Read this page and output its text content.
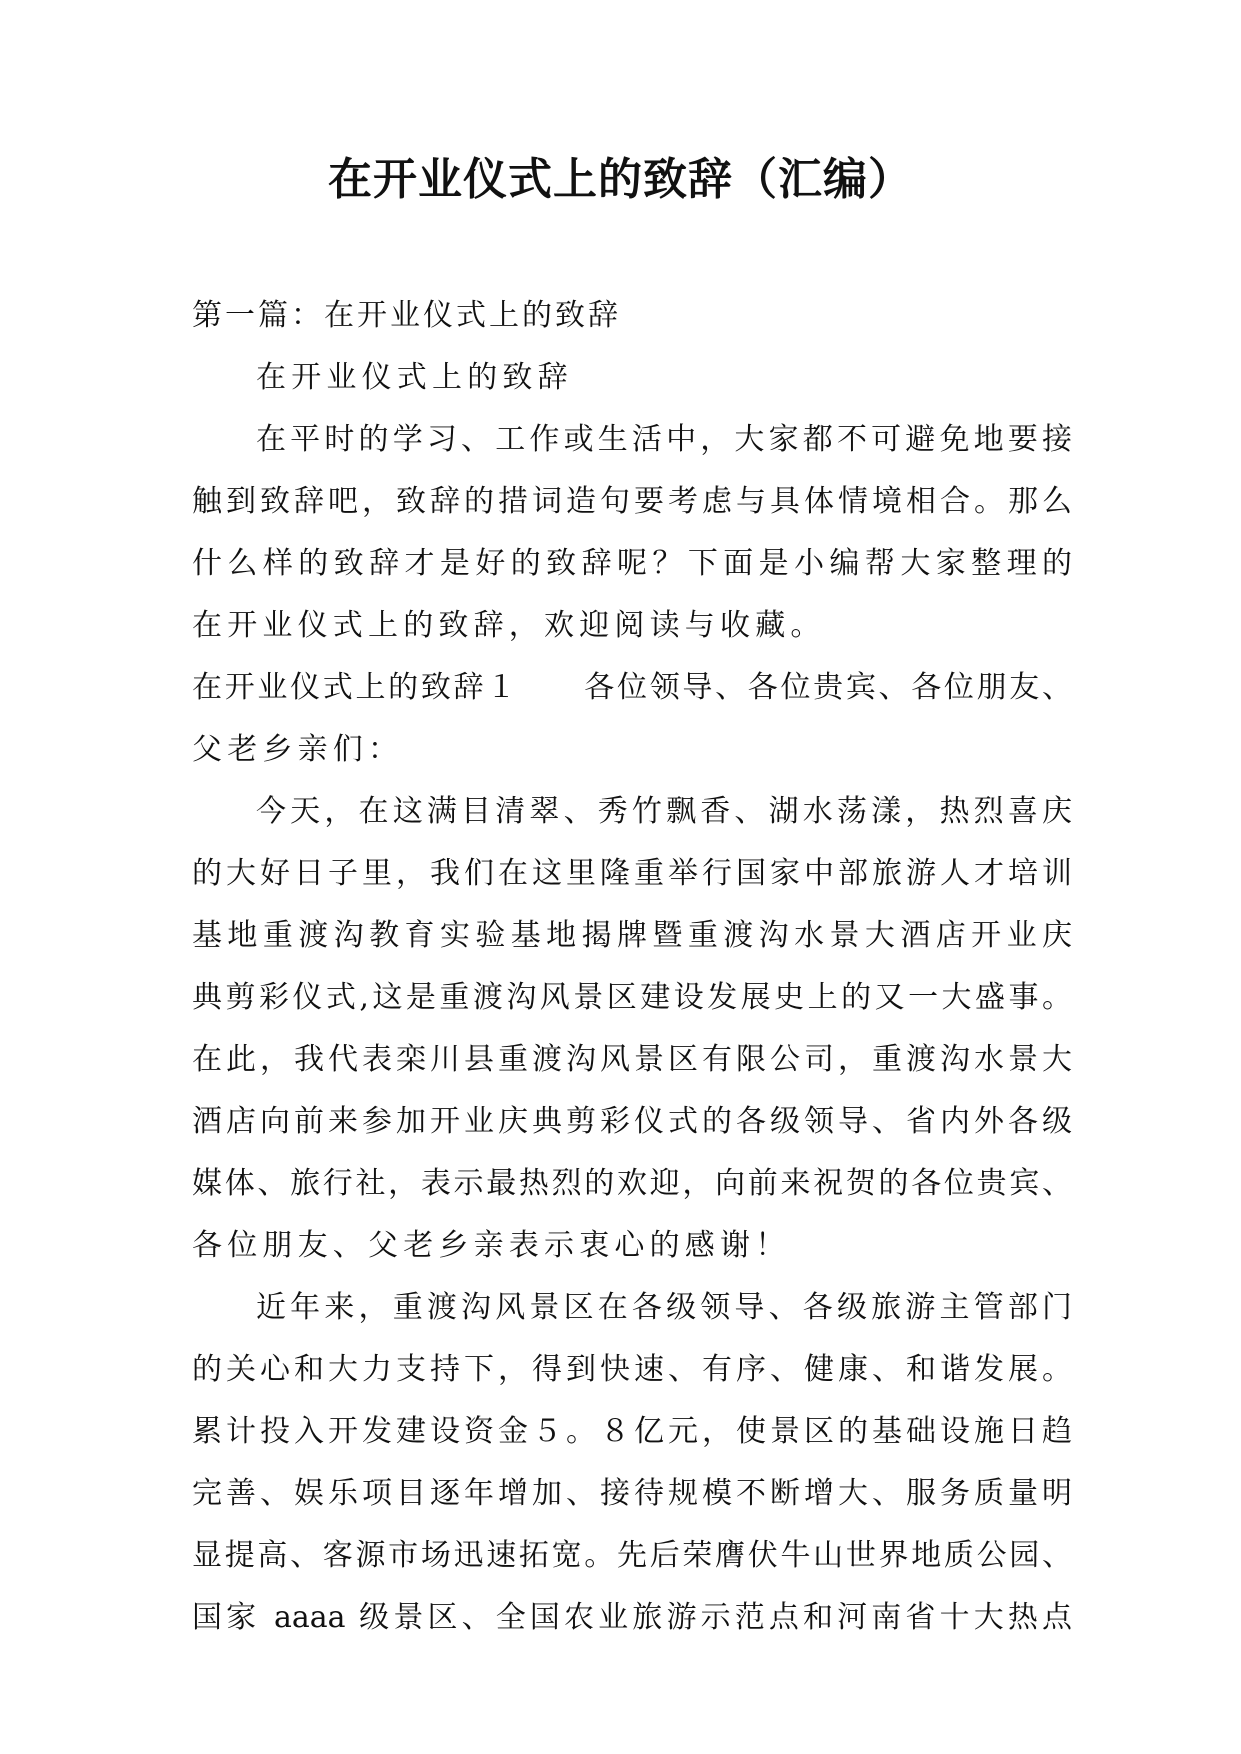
在开业仪式上的致辞（汇编）
第一篇：在开业仪式上的致辞
在开业仪式上的致辞
在平时的学习、工作或生活中，大家都不可避免地要接
触到致辞吧，致辞的措词造句要考虑与具体情境相合。那么
什么样的致辞才是好的致辞呢？下面是小编帮大家整理的
在开业仪式上的致辞，欢迎阅读与收藏。
在开业仪式上的致辞１　　各位领导、各位贵宾、各位朋友、
父老乡亲们：
今天，在这满目清翠、秀竹飘香、湖水荡漾，热烈喜庆
的大好日子里，我们在这里隆重举行国家中部旅游人才培训
基地重渡沟教育实验基地揭牌暨重渡沟水景大酒店开业庆
典剪彩仪式,这是重渡沟风景区建设发展史上的又一大盛事。
在此，我代表栾川县重渡沟风景区有限公司，重渡沟水景大
酒店向前来参加开业庆典剪彩仪式的各级领导、省内外各级
媒体、旅行社，表示最热烈的欢迎，向前来祝贺的各位贵宾、
各位朋友、父老乡亲表示衷心的感谢！
近年来，重渡沟风景区在各级领导、各级旅游主管部门
的关心和大力支持下，得到快速、有序、健康、和谐发展。
累计投入开发建设资金５。８亿元，使景区的基础设施日趋
完善、娱乐项目逐年增加、接待规模不断增大、服务质量明
显提高、客源市场迅速拓宽。先后荣膺伏牛山世界地质公园、
国家 aaaa 级景区、全国农业旅游示范点和河南省十大热点
